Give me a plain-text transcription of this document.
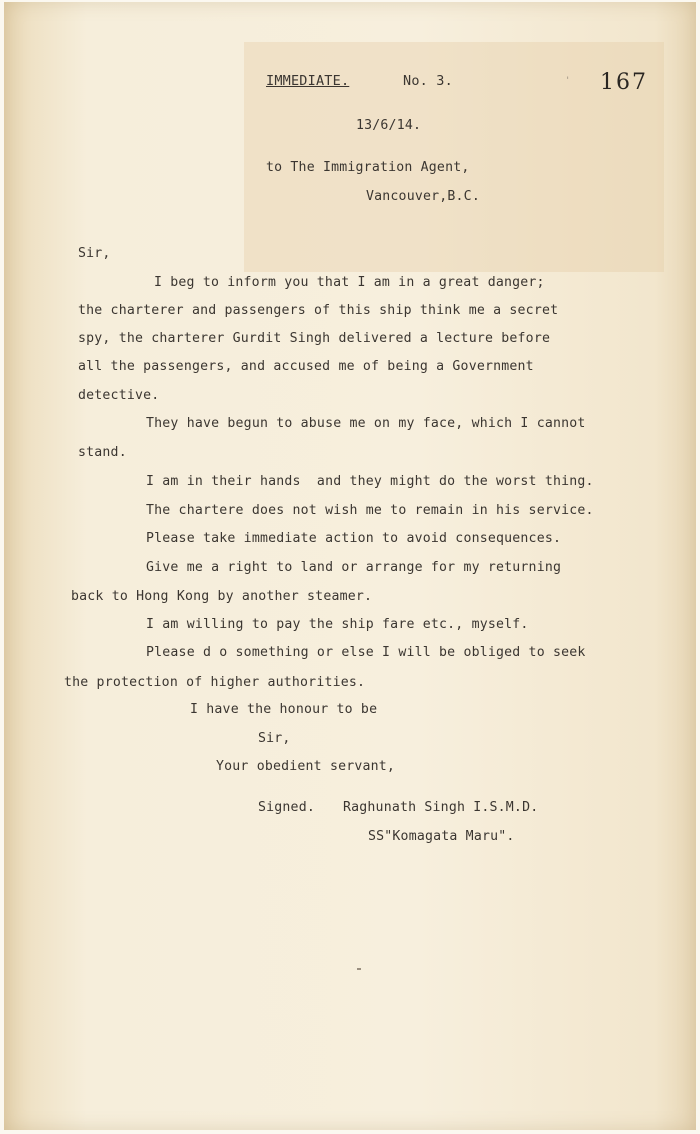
IMMEDIATE.	No. 3.	' 167
13/6/14.
to The Immigration Agent,
Vancouver,B.C.
Sir,
I beg to inform you that I am in a great danger;
the charterer and passengers of this ship think me a secret
spy, the charterer Gurdit Singh delivered a lecture before
all the passengers, and accused me of being a Government
detective.
They have begun to abuse me on my face, which I cannot
stand.
I am in their hands  and they might do the worst thing.
The chartere does not wish me to remain in his service.
Please take immediate action to avoid consequences.
Give me a right to land or arrange for my returning
back to Hong Kong by another steamer.
I am willing to pay the ship fare etc., myself.
Please d o something or else I will be obliged to seek
the protection of higher authorities.
I have the honour to be
Sir,
Your obedient servant,
Signed. Raghunath Singh I.S.M.D.
SS"Komagata Maru".
